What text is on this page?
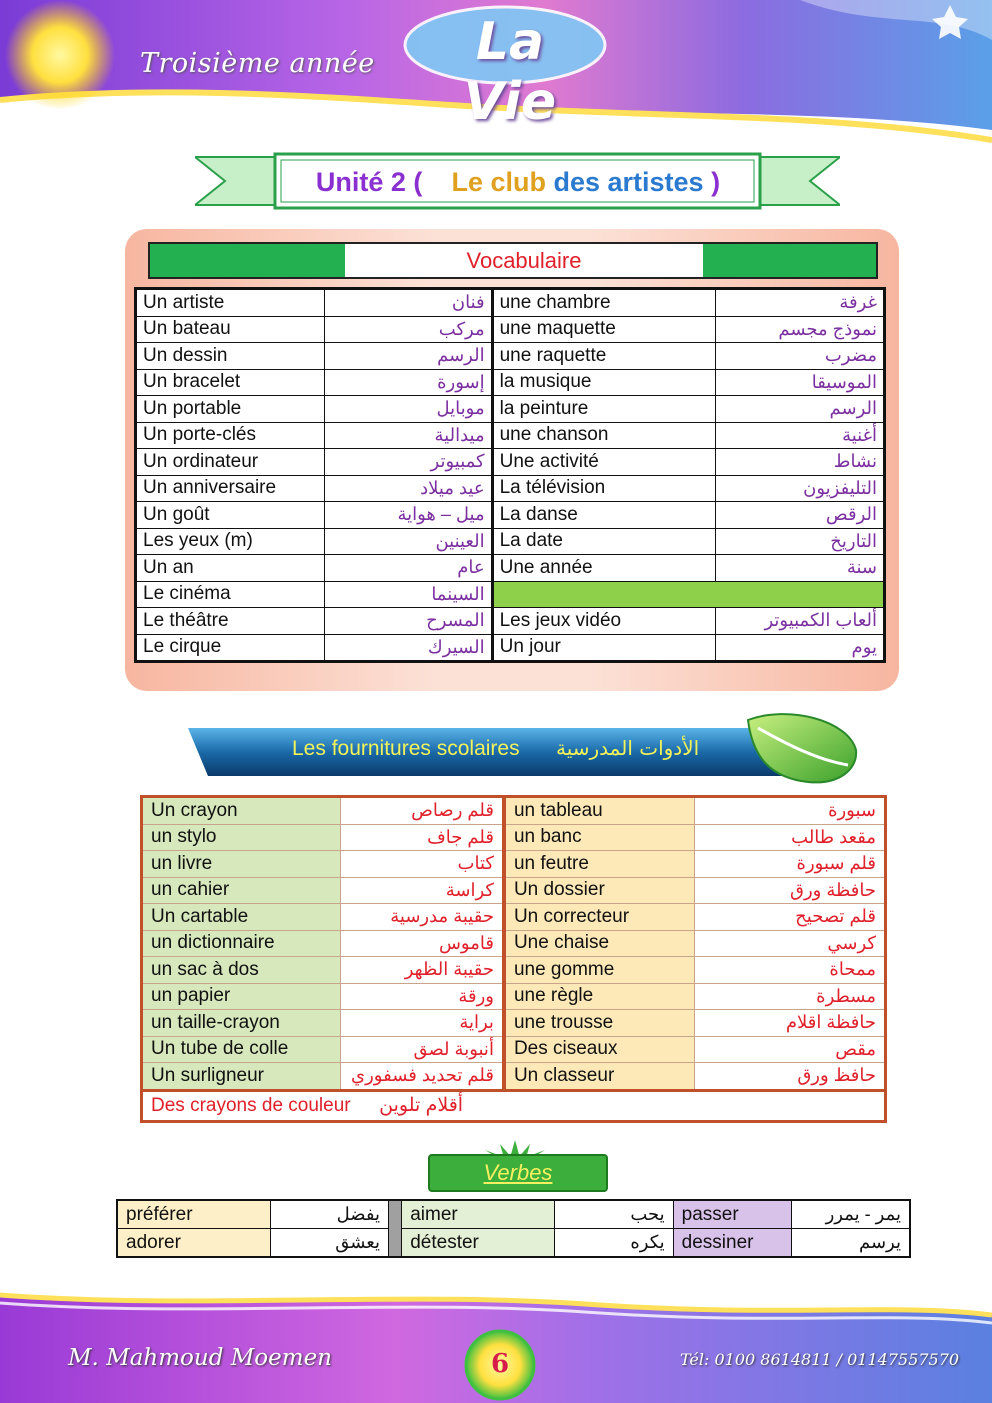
Troisième année	La Vie
Unité 2 ( Le club des artistes )
Vocabulaire
Un artiste	فنان	une chambre	غرفة
Un bateau	مركب	une maquette	نموذج مجسم
Un dessin	الرسم	une raquette	مضرب
Un bracelet	إسورة	la musique	الموسيقا
Un portable	موبايل	la peinture	الرسم
Un porte-clés	ميدالية	une chanson	أغنية
Un ordinateur	كمبيوتر	Une activité	نشاط
Un anniversaire	عيد ميلاد	La télévision	التليفزيون
Un goût	ميل – هواية	La danse	الرقص
Les yeux (m)	العينين	La date	التاريخ
Un an	عام	Une année	سنة
Le cinéma	السينما		
Le théâtre	المسرح	Les jeux vidéo	ألعاب الكمبيوتر
Le cirque	السيرك	Un jour	يوم
Les fournitures scolaires الأدوات المدرسية
Un crayon	قلم رصاص	un tableau	سبورة
un stylo	قلم جاف	un banc	مقعد طالب
un livre	كتاب	un feutre	قلم سبورة
un cahier	كراسة	Un dossier	حافظة ورق
Un cartable	حقيبة مدرسية	Un correcteur	قلم تصحيح
un dictionnaire	قاموس	Une chaise	كرسي
un sac à dos	حقيبة الظهر	une gomme	ممحاة
un papier	ورقة	une règle	مسطرة
un taille-crayon	براية	une trousse	حافظة اقلام
Un tube de colle	أنبوبة لصق	Des ciseaux	مقص
Un surligneur	قلم تحديد فسفوري	Un classeur	حافظ ورق
Des crayons de couleur أقلام تلوين			
Verbes
préférer	يفضل		aimer	يحب	passer	يمر - يمرر
adorer	يعشق		détester	يكره	dessiner	يرسم
M. Mahmoud Moemen	Tél: 0100 8614811 / 01147557570
6
